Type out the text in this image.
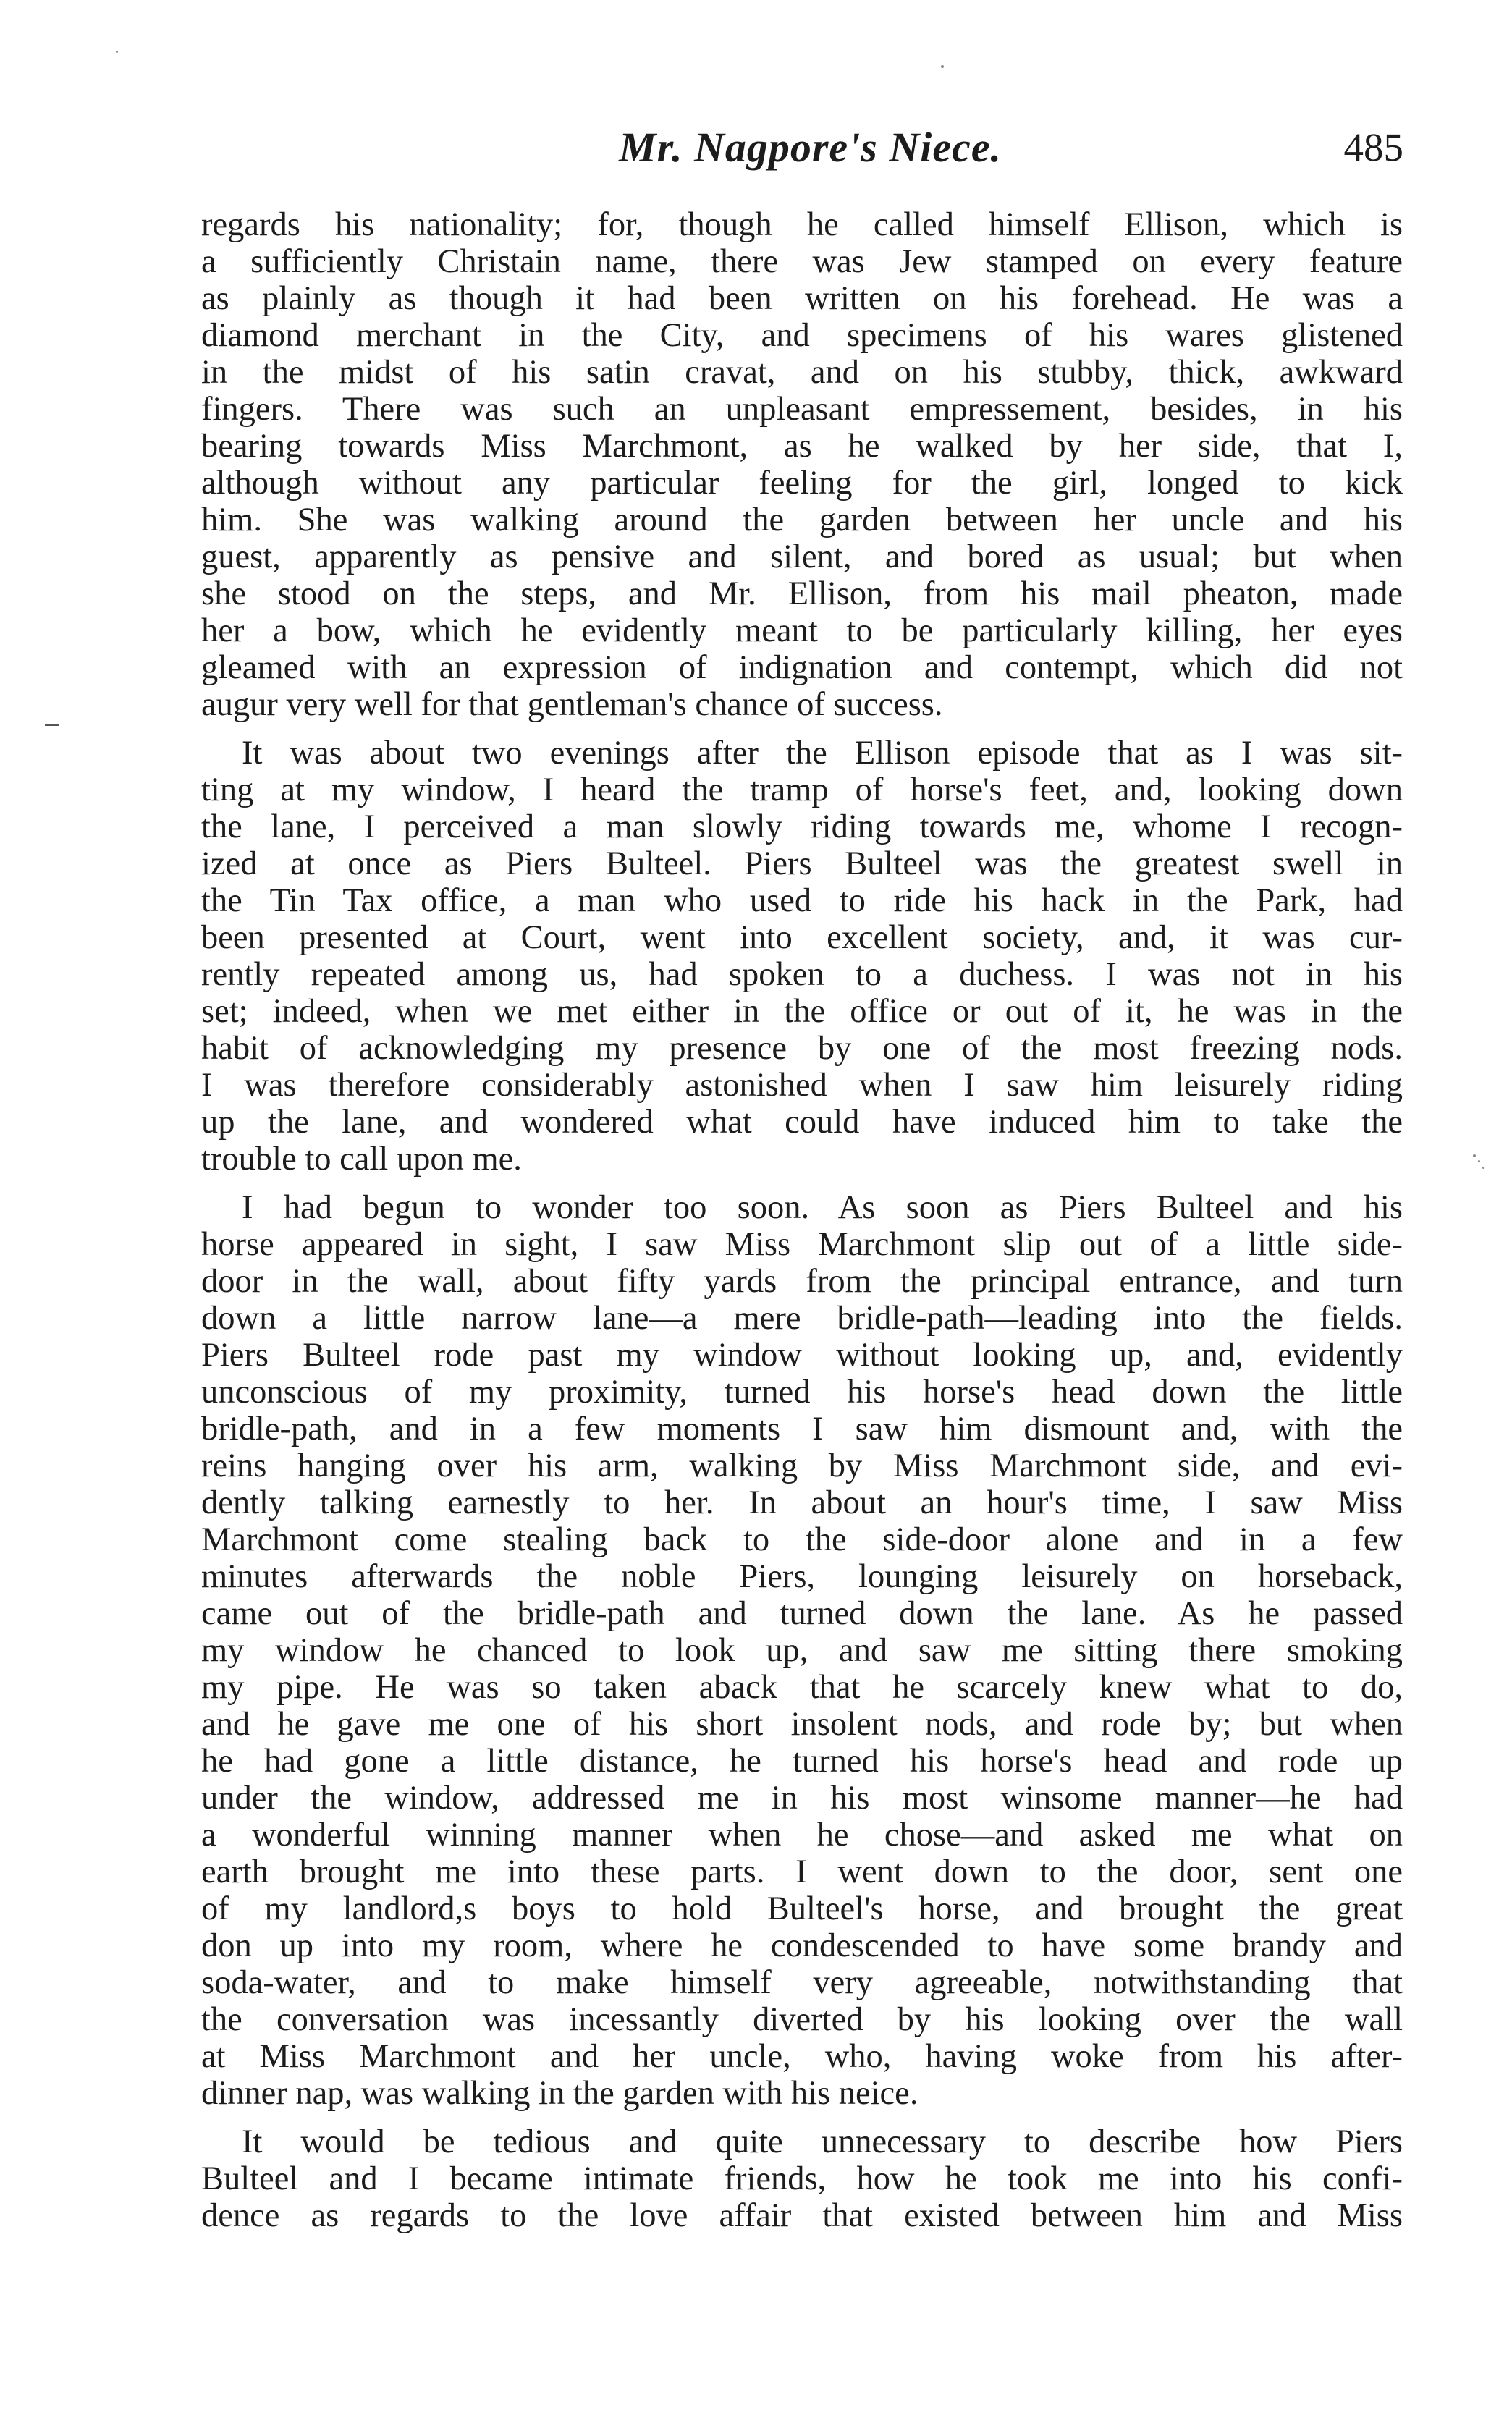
Mr. Nagpore's Niece.	485
regards his nationality; for, though he called himself Ellison, which is
a sufficiently Christain name, there was Jew stamped on every feature
as plainly as though it had been written on his forehead. He was a
diamond merchant in the City, and specimens of his wares glistened
in the midst of his satin cravat, and on his stubby, thick, awkward
fingers. There was such an unpleasant empressement, besides, in his
bearing towards Miss Marchmont, as he walked by her side, that I,
although without any particular feeling for the girl, longed to kick
him. She was walking around the garden between her uncle and his
guest, apparently as pensive and silent, and bored as usual; but when
she stood on the steps, and Mr. Ellison, from his mail pheaton, made
her a bow, which he evidently meant to be particularly killing, her eyes
gleamed with an expression of indignation and contempt, which did not
augur very well for that gentleman's chance of success.
It was about two evenings after the Ellison episode that as I was sit-
ting at my window, I heard the tramp of horse's feet, and, looking down
the lane, I perceived a man slowly riding towards me, whome I recogn-
ized at once as Piers Bulteel. Piers Bulteel was the greatest swell in
the Tin Tax office, a man who used to ride his hack in the Park, had
been presented at Court, went into excellent society, and, it was cur-
rently repeated among us, had spoken to a duchess. I was not in his
set; indeed, when we met either in the office or out of it, he was in the
habit of acknowledging my presence by one of the most freezing nods.
I was therefore considerably astonished when I saw him leisurely riding
up the lane, and wondered what could have induced him to take the
trouble to call upon me.
I had begun to wonder too soon. As soon as Piers Bulteel and his
horse appeared in sight, I saw Miss Marchmont slip out of a little side-
door in the wall, about fifty yards from the principal entrance, and turn
down a little narrow lane—a mere bridle-path—leading into the fields.
Piers Bulteel rode past my window without looking up, and, evidently
unconscious of my proximity, turned his horse's head down the little
bridle-path, and in a few moments I saw him dismount and, with the
reins hanging over his arm, walking by Miss Marchmont side, and evi-
dently talking earnestly to her. In about an hour's time, I saw Miss
Marchmont come stealing back to the side-door alone and in a few
minutes afterwards the noble Piers, lounging leisurely on horseback,
came out of the bridle-path and turned down the lane. As he passed
my window he chanced to look up, and saw me sitting there smoking
my pipe. He was so taken aback that he scarcely knew what to do,
and he gave me one of his short insolent nods, and rode by; but when
he had gone a little distance, he turned his horse's head and rode up
under the window, addressed me in his most winsome manner—he had
a wonderful winning manner when he chose—and asked me what on
earth brought me into these parts. I went down to the door, sent one
of my landlord,s boys to hold Bulteel's horse, and brought the great
don up into my room, where he condescended to have some brandy and
soda-water, and to make himself very agreeable, notwithstanding that
the conversation was incessantly diverted by his looking over the wall
at Miss Marchmont and her uncle, who, having woke from his after-
dinner nap, was walking in the garden with his neice.
It would be tedious and quite unnecessary to describe how Piers
Bulteel and I became intimate friends, how he took me into his confi-
dence as regards to the love affair that existed between him and Miss
